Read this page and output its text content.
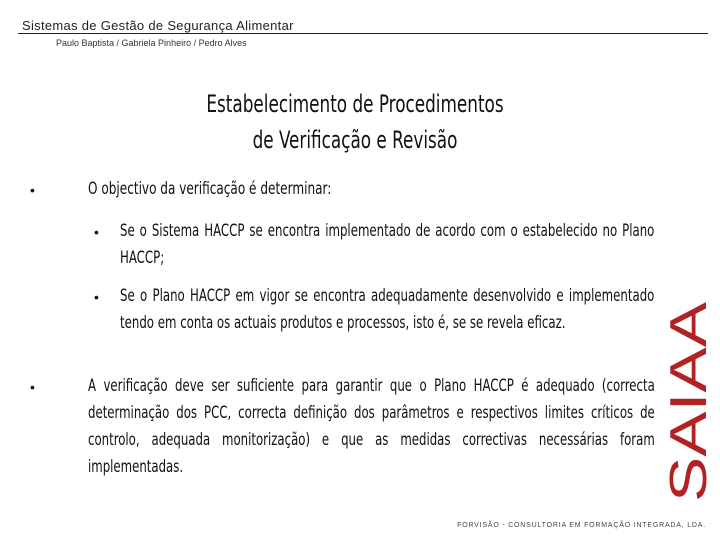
Sistemas de Gestão de Segurança Alimentar
Paulo Baptista / Gabriela Pinheiro / Pedro Alves
Estabelecimento de Procedimentos
de Verificação e Revisão
•	O objectivo da verificação é determinar:
• Se o Sistema HACCP se encontra implementado de acordo com o estabelecido no Plano HACCP;
• Se o Plano HACCP em vigor se encontra adequadamente desenvolvido e implementado tendo em conta os actuais produtos e processos, isto é, se se revela eficaz.
•	A verificação deve ser suficiente para garantir que o Plano HACCP é adequado (correcta determinação dos PCC, correcta definição dos parâmetros e respectivos limites críticos de controlo, adequada monitorização) e que as medidas correctivas necessárias foram implementadas.	SAIAA
FORVISÃO - CONSULTORIA EM FORMAÇÃO INTEGRADA, LDA.
